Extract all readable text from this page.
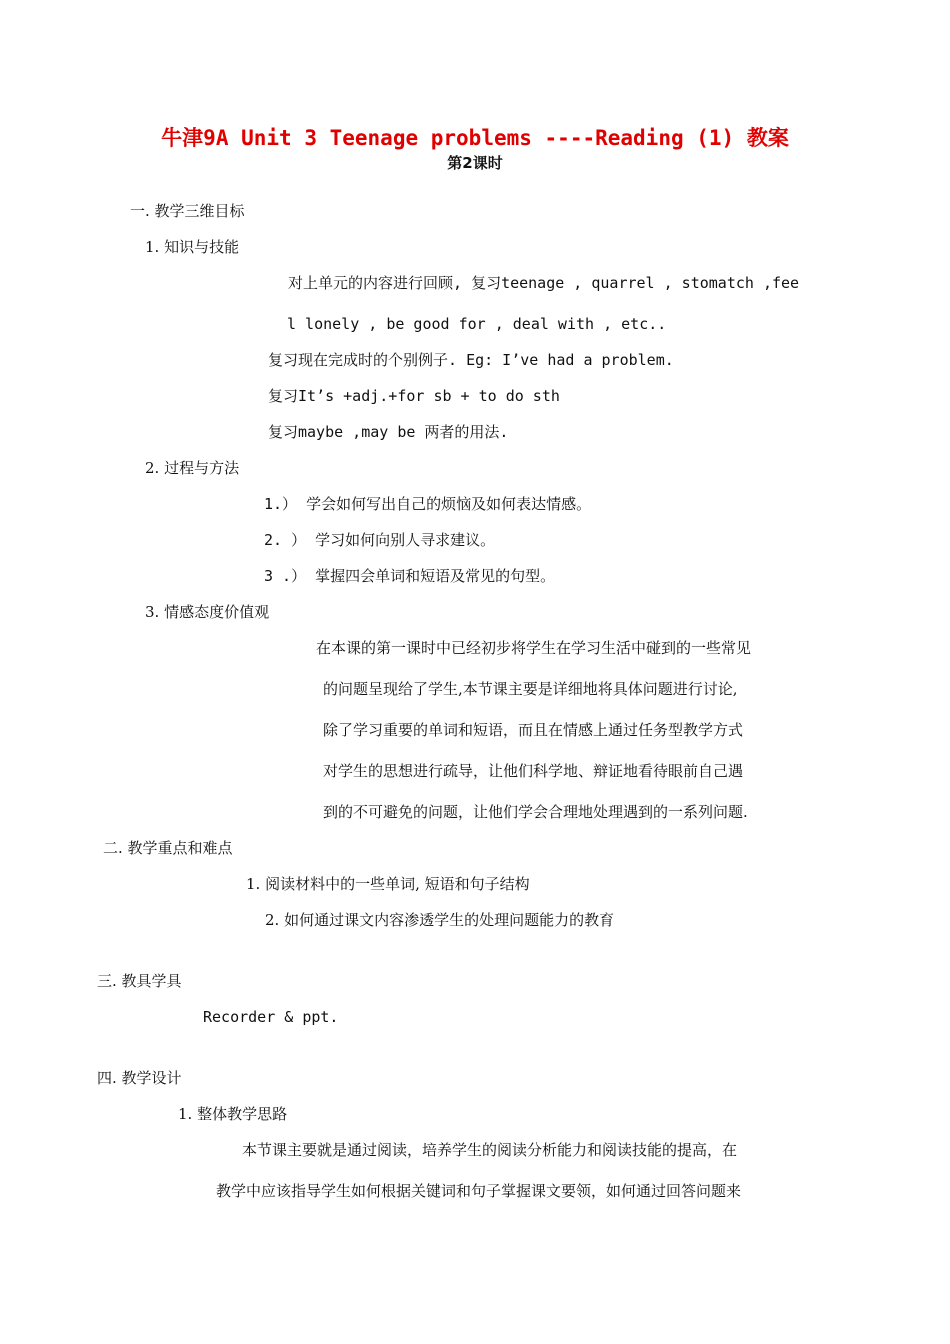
牛津9A Unit 3 Teenage problems ----Reading (1) 教案
第2课时
一. 教学三维目标
1. 知识与技能
对上单元的内容进行回顾, 复习teenage , quarrel , stomatch ,fee
l lonely , be good for , deal with , etc..
复习现在完成时的个别例子. Eg: I’ve had a problem.
复习It’s +adj.+for sb + to do sth
复习maybe ,may be 两者的用法.
2. 过程与方法
1.） 学会如何写出自己的烦恼及如何表达情感。
2. ） 学习如何向别人寻求建议。
3 .） 掌握四会单词和短语及常见的句型。
3. 情感态度价值观
在本课的第一课时中已经初步将学生在学习生活中碰到的一些常见
的问题呈现给了学生,本节课主要是详细地将具体问题进行讨论,
除了学习重要的单词和短语，而且在情感上通过任务型教学方式
对学生的思想进行疏导，让他们科学地、辩证地看待眼前自己遇
到的不可避免的问题，让他们学会合理地处理遇到的一系列问题.
二. 教学重点和难点
1. 阅读材料中的一些单词, 短语和句子结构
2. 如何通过课文内容渗透学生的处理问题能力的教育
三. 教具学具
Recorder & ppt.
四. 教学设计
1. 整体教学思路
本节课主要就是通过阅读，培养学生的阅读分析能力和阅读技能的提高，在
教学中应该指导学生如何根据关键词和句子掌握课文要领，如何通过回答问题来
